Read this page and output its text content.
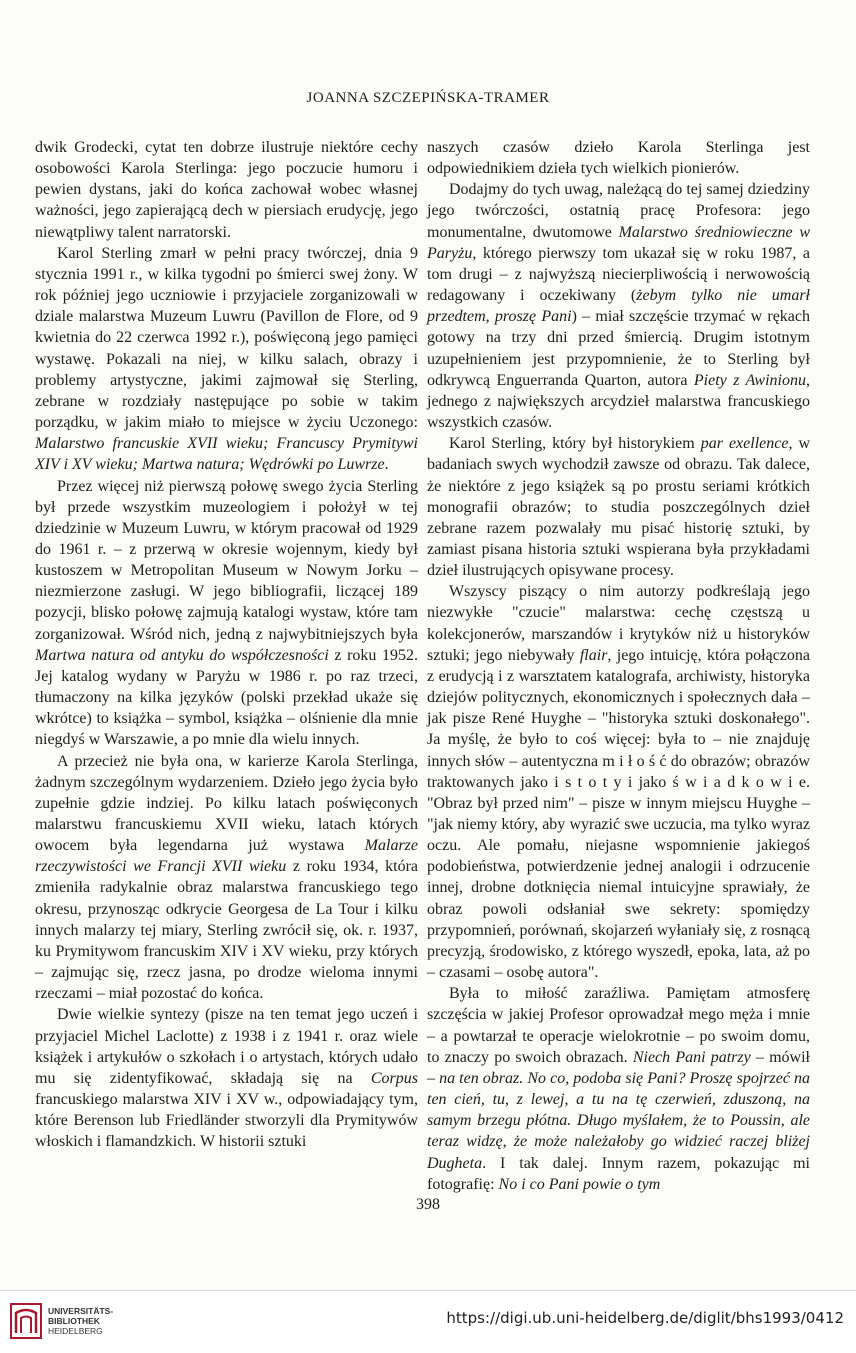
JOANNA SZCZEPIŃSKA-TRAMER

dwik Grodecki, cytat ten dobrze ilustruje niektóre cechy osobowości Karola Sterlinga: jego poczucie humoru i pewien dystans, jaki do końca zachował wobec własnej ważności, jego zapierającą dech w piersiach erudycję, jego niewątpliwy talent narratorski.

Karol Sterling zmarł w pełni pracy twórczej, dnia 9 stycznia 1991 r., w kilka tygodni po śmierci swej żony. W rok później jego uczniowie i przyjaciele zorganizowali w dziale malarstwa Muzeum Luwru (Pavillon de Flore, od 9 kwietnia do 22 czerwca 1992 r.), poświęconą jego pamięci wystawę. Pokazali na niej, w kilku salach, obrazy i problemy artystyczne, jakimi zajmował się Sterling, zebrane w rozdziały następujące po sobie w takim porządku, w jakim miało to miejsce w życiu Uczonego: Malarstwo francuskie XVII wieku; Francuscy Prymitywi XIV i XV wieku; Martwa natura; Wędrówki po Luwrze.

Przez więcej niż pierwszą połowę swego życia Sterling był przede wszystkim muzeologiem i położył w tej dziedzinie w Muzeum Luwru, w którym pracował od 1929 do 1961 r. – z przerwą w okresie wojennym, kiedy był kustoszem w Metropolitan Museum w Nowym Jorku – niezmierzone zasługi. W jego bibliografii, liczącej 189 pozycji, blisko połowę zajmują katalogi wystaw, które tam zorganizował. Wśród nich, jedną z najwybitniejszych była Martwa natura od antyku do współczesności z roku 1952. Jej katalog wydany w Paryżu w 1986 r. po raz trzeci, tłumaczony na kilka języków (polski przekład ukaże się wkrótce) to książka – symbol, książka – olśnienie dla mnie niegdyś w Warszawie, a po mnie dla wielu innych.

A przecież nie była ona, w karierze Karola Sterlinga, żadnym szczególnym wydarzeniem. Dzieło jego życia było zupełnie gdzie indziej. Po kilku latach poświęconych malarstwu francuskiemu XVII wieku, latach których owocem była legendarna już wystawa Malarze rzeczywistości we Francji XVII wieku z roku 1934, która zmieniła radykalnie obraz malarstwa francuskiego tego okresu, przynosząc odkrycie Georgesa de La Tour i kilku innych malarzy tej miary, Sterling zwrócił się, ok. r. 1937, ku Prymitywom francuskim XIV i XV wieku, przy których – zajmując się, rzecz jasna, po drodze wieloma innymi rzeczami – miał pozostać do końca.

Dwie wielkie syntezy (pisze na ten temat jego uczeń i przyjaciel Michel Laclotte) z 1938 i z 1941 r. oraz wiele książek i artykułów o szkołach i o artystach, których udało mu się zidentyfikować, składają się na Corpus francuskiego malarstwa XIV i XV w., odpowiadający tym, które Berenson lub Friedländer stworzyli dla Prymitywów włoskich i flamandzkich. W historii sztuki

naszych czasów dzieło Karola Sterlinga jest odpowiednikiem dzieła tych wielkich pionierów.

Dodajmy do tych uwag, należącą do tej samej dziedziny jego twórczości, ostatnią pracę Profesora: jego monumentalne, dwutomowe Malarstwo średniowieczne w Paryżu, którego pierwszy tom ukazał się w roku 1987, a tom drugi – z najwyższą niecierpliwością i nerwowością redagowany i oczekiwany (żebym tylko nie umarł przedtem, proszę Pani) – miał szczęście trzymać w rękach gotowy na trzy dni przed śmiercią. Drugim istotnym uzupełnieniem jest przypomnienie, że to Sterling był odkrywcą Enguerranda Quarton, autora Piety z Awinionu, jednego z największych arcydzieł malarstwa francuskiego wszystkich czasów.

Karol Sterling, który był historykiem par exellence, w badaniach swych wychodził zawsze od obrazu. Tak dalece, że niektóre z jego książek są po prostu seriami krótkich monografii obrazów; to studia poszczególnych dzieł zebrane razem pozwalały mu pisać historię sztuki, by zamiast pisana historia sztuki wspierana była przykładami dzieł ilustrujących opisywane procesy.

Wszyscy piszący o nim autorzy podkreślają jego niezwykłe "czucie" malarstwa: cechę częstszą u kolekcjonerów, marszandów i krytyków niż u historyków sztuki; jego niebywały flair, jego intuicję, która połączona z erudycją i z warsztatem katalografa, archiwisty, historyka dziejów politycznych, ekonomicznych i społecznych dała – jak pisze René Huyghe – "historyka sztuki doskonałego". Ja myślę, że było to coś więcej: była to – nie znajduję innych słów – autentyczna m i ł o ś ć do obrazów; obrazów traktowanych jako i s t o t y i jako ś w i a d k o w i e. "Obraz był przed nim" – pisze w innym miejscu Huyghe – "jak niemy który, aby wyrazić swe uczucia, ma tylko wyraz oczu. Ale pomału, niejasne wspomnienie jakiegoś podobieństwa, potwierdzenie jednej analogii i odrzucenie innej, drobne dotknięcia niemal intuicyjne sprawiały, że obraz powoli odsłaniał swe sekrety: spomiędzy przypomnień, porównań, skojarzeń wyłaniały się, z rosnącą precyzją, środowisko, z którego wyszedł, epoka, lata, aż po – czasami – osobę autora".

Była to miłość zaraźliwa. Pamiętam atmosferę szczęścia w jakiej Profesor oprowadzał mego męża i mnie – a powtarzał te operacje wielokrotnie – po swoim domu, to znaczy po swoich obrazach. Niech Pani patrzy – mówił – na ten obraz. No co, podoba się Pani? Proszę spojrzeć na ten cień, tu, z lewej, a tu na tę czerwień, zduszoną, na samym brzegu płótna. Długo myślałem, że to Poussin, ale teraz widzę, że może należałoby go widzieć raczej bliżej Dugheta. I tak dalej. Innym razem, pokazując mi fotografię: No i co Pani powie o tym

398
UNIVERSITÄTS-
BIBLIOTHEK
HEIDELBERG
https://digi.ub.uni-heidelberg.de/diglit/bhs1993/0412
